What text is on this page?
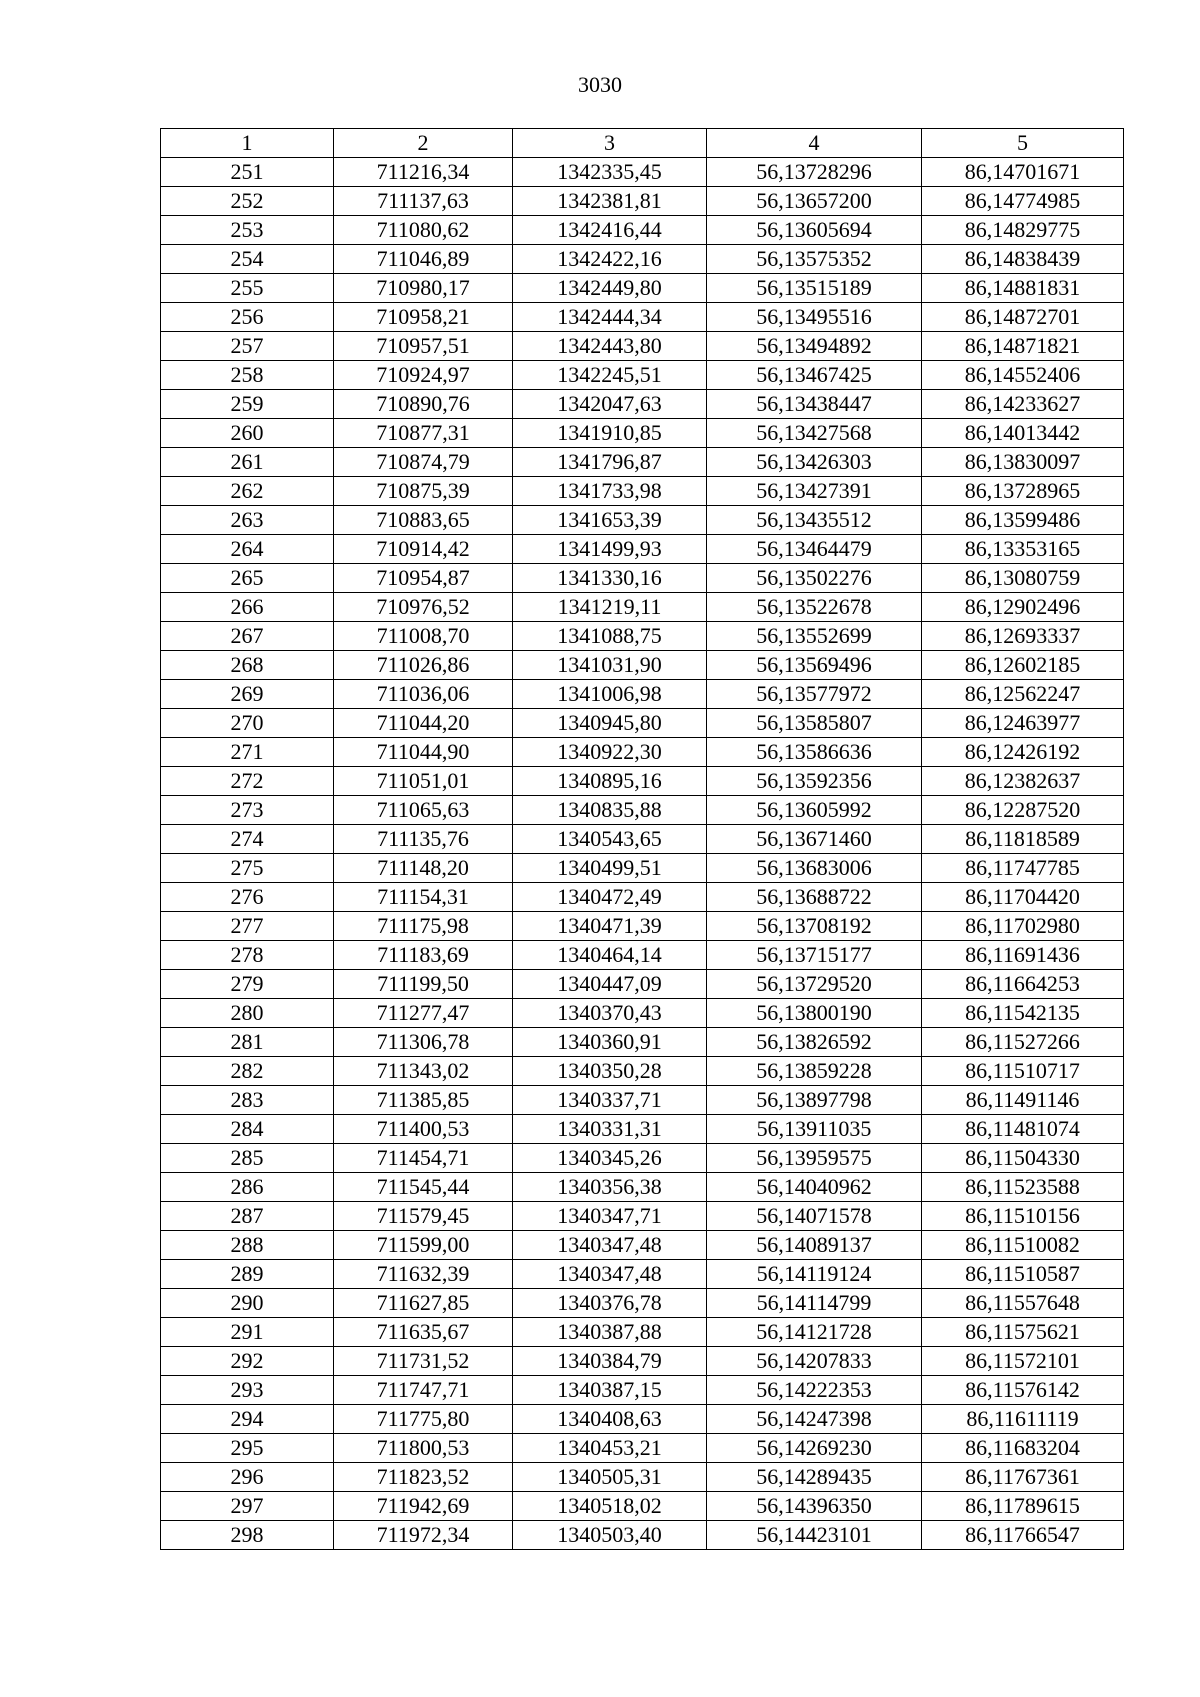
3030
1	2	3	4	5
251	711216,34	1342335,45	56,13728296	86,14701671
252	711137,63	1342381,81	56,13657200	86,14774985
253	711080,62	1342416,44	56,13605694	86,14829775
254	711046,89	1342422,16	56,13575352	86,14838439
255	710980,17	1342449,80	56,13515189	86,14881831
256	710958,21	1342444,34	56,13495516	86,14872701
257	710957,51	1342443,80	56,13494892	86,14871821
258	710924,97	1342245,51	56,13467425	86,14552406
259	710890,76	1342047,63	56,13438447	86,14233627
260	710877,31	1341910,85	56,13427568	86,14013442
261	710874,79	1341796,87	56,13426303	86,13830097
262	710875,39	1341733,98	56,13427391	86,13728965
263	710883,65	1341653,39	56,13435512	86,13599486
264	710914,42	1341499,93	56,13464479	86,13353165
265	710954,87	1341330,16	56,13502276	86,13080759
266	710976,52	1341219,11	56,13522678	86,12902496
267	711008,70	1341088,75	56,13552699	86,12693337
268	711026,86	1341031,90	56,13569496	86,12602185
269	711036,06	1341006,98	56,13577972	86,12562247
270	711044,20	1340945,80	56,13585807	86,12463977
271	711044,90	1340922,30	56,13586636	86,12426192
272	711051,01	1340895,16	56,13592356	86,12382637
273	711065,63	1340835,88	56,13605992	86,12287520
274	711135,76	1340543,65	56,13671460	86,11818589
275	711148,20	1340499,51	56,13683006	86,11747785
276	711154,31	1340472,49	56,13688722	86,11704420
277	711175,98	1340471,39	56,13708192	86,11702980
278	711183,69	1340464,14	56,13715177	86,11691436
279	711199,50	1340447,09	56,13729520	86,11664253
280	711277,47	1340370,43	56,13800190	86,11542135
281	711306,78	1340360,91	56,13826592	86,11527266
282	711343,02	1340350,28	56,13859228	86,11510717
283	711385,85	1340337,71	56,13897798	86,11491146
284	711400,53	1340331,31	56,13911035	86,11481074
285	711454,71	1340345,26	56,13959575	86,11504330
286	711545,44	1340356,38	56,14040962	86,11523588
287	711579,45	1340347,71	56,14071578	86,11510156
288	711599,00	1340347,48	56,14089137	86,11510082
289	711632,39	1340347,48	56,14119124	86,11510587
290	711627,85	1340376,78	56,14114799	86,11557648
291	711635,67	1340387,88	56,14121728	86,11575621
292	711731,52	1340384,79	56,14207833	86,11572101
293	711747,71	1340387,15	56,14222353	86,11576142
294	711775,80	1340408,63	56,14247398	86,11611119
295	711800,53	1340453,21	56,14269230	86,11683204
296	711823,52	1340505,31	56,14289435	86,11767361
297	711942,69	1340518,02	56,14396350	86,11789615
298	711972,34	1340503,40	56,14423101	86,11766547
